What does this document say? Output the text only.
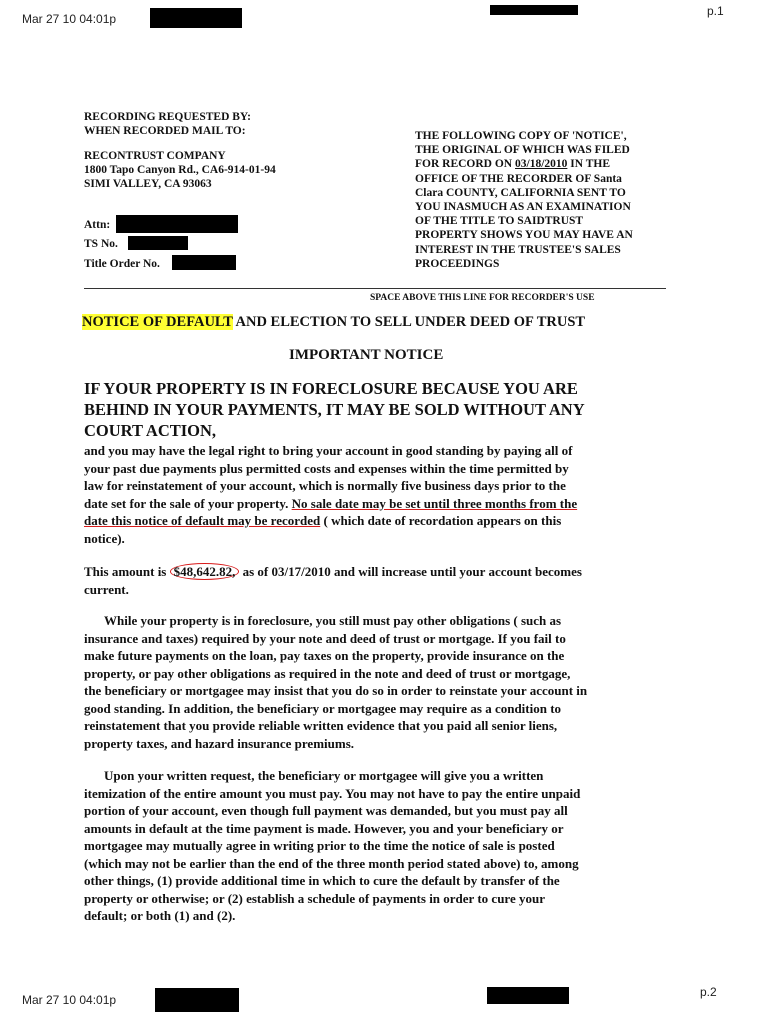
Mar 27 10 04:01p
p.1
RECORDING REQUESTED BY:
WHEN RECORDED MAIL TO:
RECONTRUST COMPANY
1800 Tapo Canyon Rd., CA6-914-01-94
SIMI VALLEY, CA 93063
Attn:
TS No.
Title Order No.
THE FOLLOWING COPY OF 'NOTICE',
THE ORIGINAL OF WHICH WAS FILED
FOR RECORD ON 03/18/2010 IN THE
OFFICE OF THE RECORDER OF Santa
Clara COUNTY, CALIFORNIA SENT TO
YOU INASMUCH AS AN EXAMINATION
OF THE TITLE TO SAIDTRUST
PROPERTY SHOWS YOU MAY HAVE AN
INTEREST IN THE TRUSTEE'S SALES
PROCEEDINGS
SPACE ABOVE THIS LINE FOR RECORDER'S USE
NOTICE OF DEFAULT AND ELECTION TO SELL UNDER DEED OF TRUST
IMPORTANT NOTICE
IF YOUR PROPERTY IS IN FORECLOSURE BECAUSE YOU ARE
BEHIND IN YOUR PAYMENTS, IT MAY BE SOLD WITHOUT ANY
COURT ACTION,
and you may have the legal right to bring your account in good standing by paying all of
your past due payments plus permitted costs and expenses within the time permitted by
law for reinstatement of your account, which is normally five business days prior to the
date set for the sale of your property. No sale date may be set until three months from the
date this notice of default may be recorded ( which date of recordation appears on this
notice).
This amount is $48,642.82, as of 03/17/2010 and will increase until your account becomes
current.
While your property is in foreclosure, you still must pay other obligations ( such as
insurance and taxes) required by your note and deed of trust or mortgage. If you fail to
make future payments on the loan, pay taxes on the property, provide insurance on the
property, or pay other obligations as required in the note and deed of trust or mortgage,
the beneficiary or mortgagee may insist that you do so in order to reinstate your account in
good standing. In addition, the beneficiary or mortgagee may require as a condition to
reinstatement that you provide reliable written evidence that you paid all senior liens,
property taxes, and hazard insurance premiums.
Upon your written request, the beneficiary or mortgagee will give you a written
itemization of the entire amount you must pay. You may not have to pay the entire unpaid
portion of your account, even though full payment was demanded, but you must pay all
amounts in default at the time payment is made. However, you and your beneficiary or
mortgagee may mutually agree in writing prior to the time the notice of sale is posted
(which may not be earlier than the end of the three month period stated above) to, among
other things, (1) provide additional time in which to cure the default by transfer of the
property or otherwise; or (2) establish a schedule of payments in order to cure your
default; or both (1) and (2).
Mar 27 10 04:01p
p.2
